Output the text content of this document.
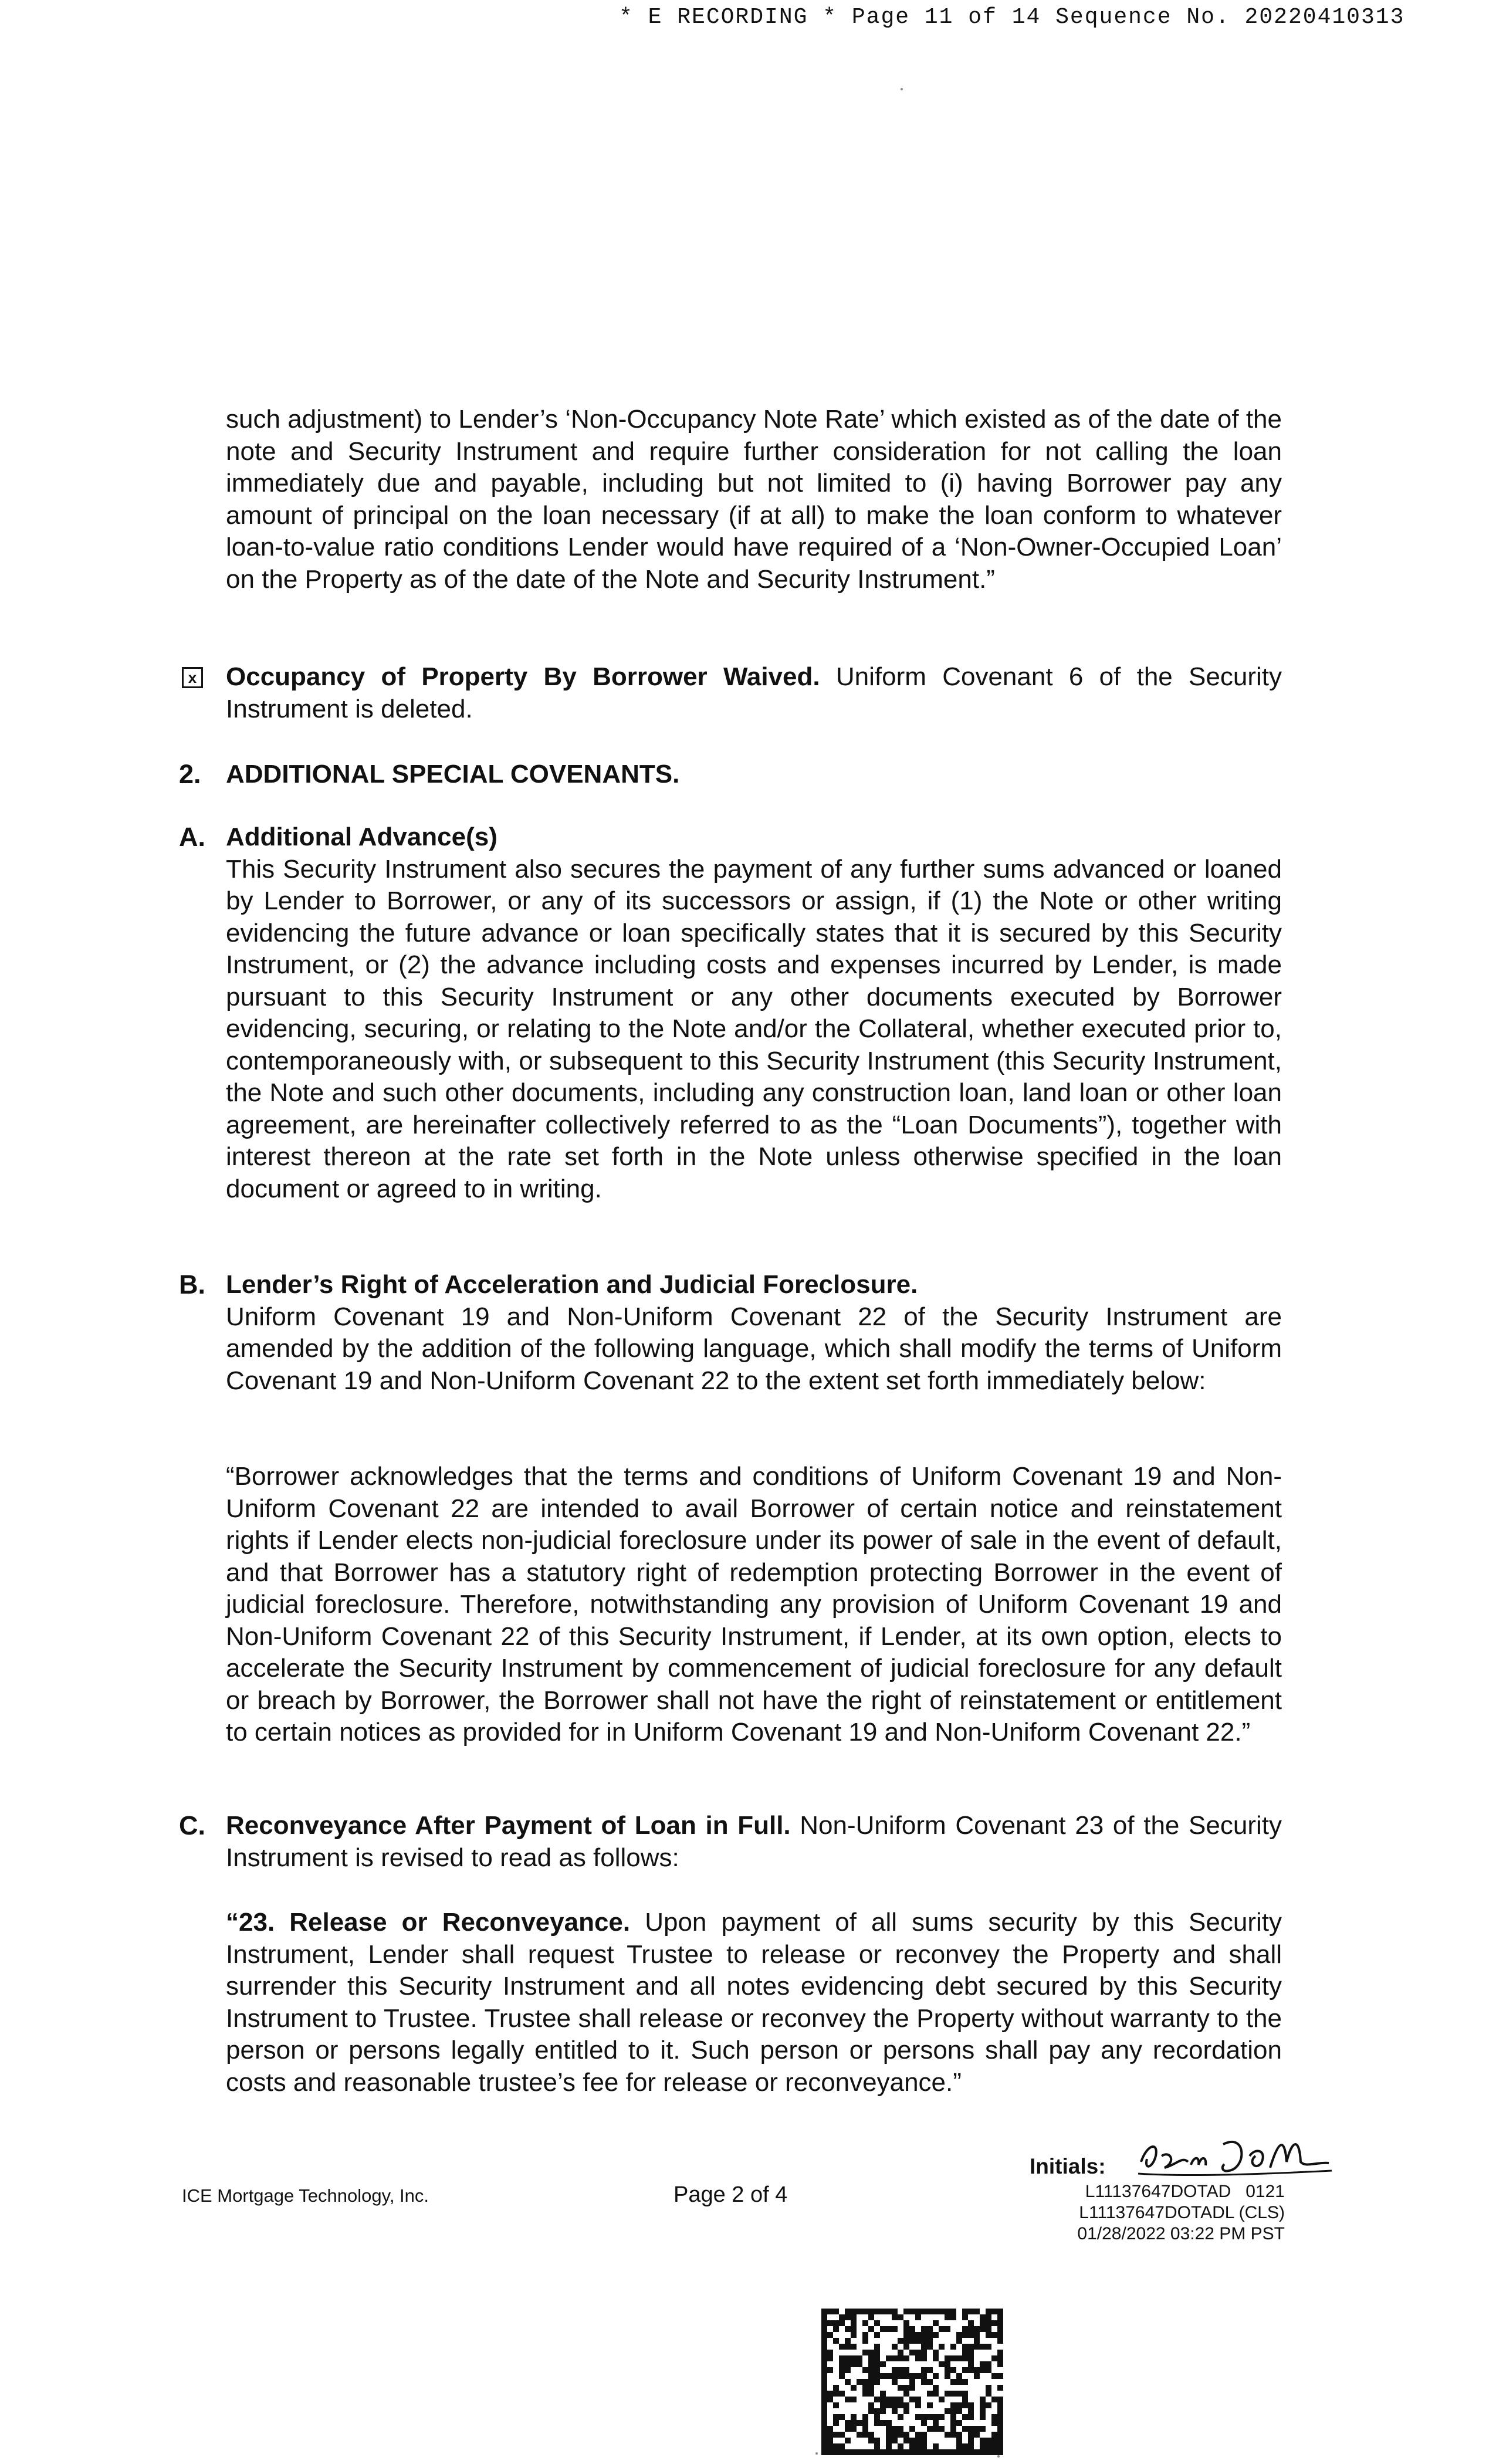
* E RECORDING * Page 11 of 14 Sequence No. 20220410313
such adjustment) to Lender’s ‘Non-Occupancy Note Rate’ which existed as of the date of the note and Security Instrument and require further consideration for not calling the loan immediately due and payable, including but not limited to (i) having Borrower pay any amount of principal on the loan necessary (if at all) to make the loan conform to whatever loan-to-value ratio conditions Lender would have required of a ‘Non-Owner-Occupied Loan’ on the Property as of the date of the Note and Security Instrument.”
x Occupancy of Property By Borrower Waived. Uniform Covenant 6 of the Security Instrument is deleted.
2. ADDITIONAL SPECIAL COVENANTS.
A. Additional Advance(s)
This Security Instrument also secures the payment of any further sums advanced or loaned by Lender to Borrower, or any of its successors or assign, if (1) the Note or other writing evidencing the future advance or loan specifically states that it is secured by this Security Instrument, or (2) the advance including costs and expenses incurred by Lender, is made pursuant to this Security Instrument or any other documents executed by Borrower evidencing, securing, or relating to the Note and/or the Collateral, whether executed prior to, contemporaneously with, or subsequent to this Security Instrument (this Security Instrument, the Note and such other documents, including any construction loan, land loan or other loan agreement, are hereinafter collectively referred to as the “Loan Documents”), together with interest thereon at the rate set forth in the Note unless otherwise specified in the loan document or agreed to in writing.
B. Lender’s Right of Acceleration and Judicial Foreclosure.
Uniform Covenant 19 and Non-Uniform Covenant 22 of the Security Instrument are amended by the addition of the following language, which shall modify the terms of Uniform Covenant 19 and Non-Uniform Covenant 22 to the extent set forth immediately below:
“Borrower acknowledges that the terms and conditions of Uniform Covenant 19 and Non-Uniform Covenant 22 are intended to avail Borrower of certain notice and reinstatement rights if Lender elects non-judicial foreclosure under its power of sale in the event of default, and that Borrower has a statutory right of redemption protecting Borrower in the event of judicial foreclosure. Therefore, notwithstanding any provision of Uniform Covenant 19 and Non-Uniform Covenant 22 of this Security Instrument, if Lender, at its own option, elects to accelerate the Security Instrument by commencement of judicial foreclosure for any default or breach by Borrower, the Borrower shall not have the right of reinstatement or entitlement to certain notices as provided for in Uniform Covenant 19 and Non-Uniform Covenant 22.”
C. Reconveyance After Payment of Loan in Full. Non-Uniform Covenant 23 of the Security Instrument is revised to read as follows:
“23. Release or Reconveyance. Upon payment of all sums security by this Security Instrument, Lender shall request Trustee to release or reconvey the Property and shall surrender this Security Instrument and all notes evidencing debt secured by this Security Instrument to Trustee. Trustee shall release or reconvey the Property without warranty to the person or persons legally entitled to it. Such person or persons shall pay any recordation costs and reasonable trustee’s fee for release or reconveyance.”
Initials:
ICE Mortgage Technology, Inc.	Page 2 of 4	L11137647DOTAD   0121
L11137647DOTADL (CLS)
01/28/2022 03:22 PM PST
